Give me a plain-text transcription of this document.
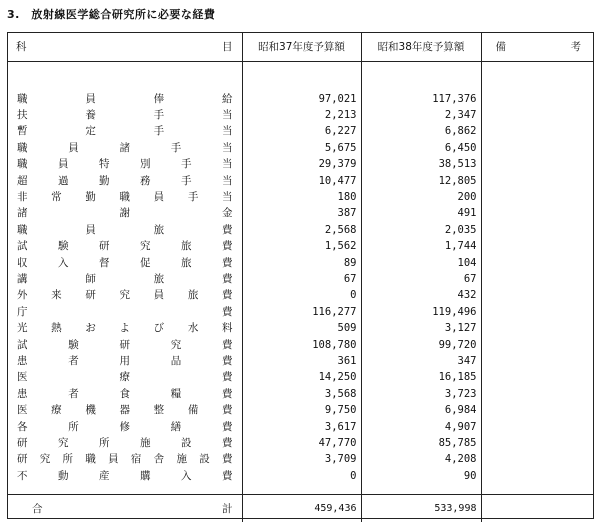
3.　放射線医学総合研究所に必要な経費
科 目	昭和37年度予算額	昭和38年度予算額	備 考

職員俸給	97,021	117,376	

扶養手当	2,213	2,347	

暫定手当	6,227	6,862	

職員諸手当	5,675	6,450	

職員特別手当	29,379	38,513	

超過勤務手当	10,477	12,805	

非常勤職員手当	180	200	

諸謝金	387	491	

職員旅費	2,568	2,035	

試験研究旅費	1,562	1,744	

収入督促旅費	89	104	

講師旅費	67	67	

外来研究員旅費	0	432	

庁費	116,277	119,496	

光熱および水料	509	3,127	

試験研究費	108,780	99,720	

患者用品費	361	347	

医療費	14,250	16,185	

患者食糧費	3,568	3,723	

医療機器整備費	9,750	6,984	

各所修繕費	3,617	4,907	

研究所施設費	47,770	85,785	

研究所職員宿舎施設費	3,709	4,208	

不動産購入費	0	90	

合 計	459,436	533,998	
